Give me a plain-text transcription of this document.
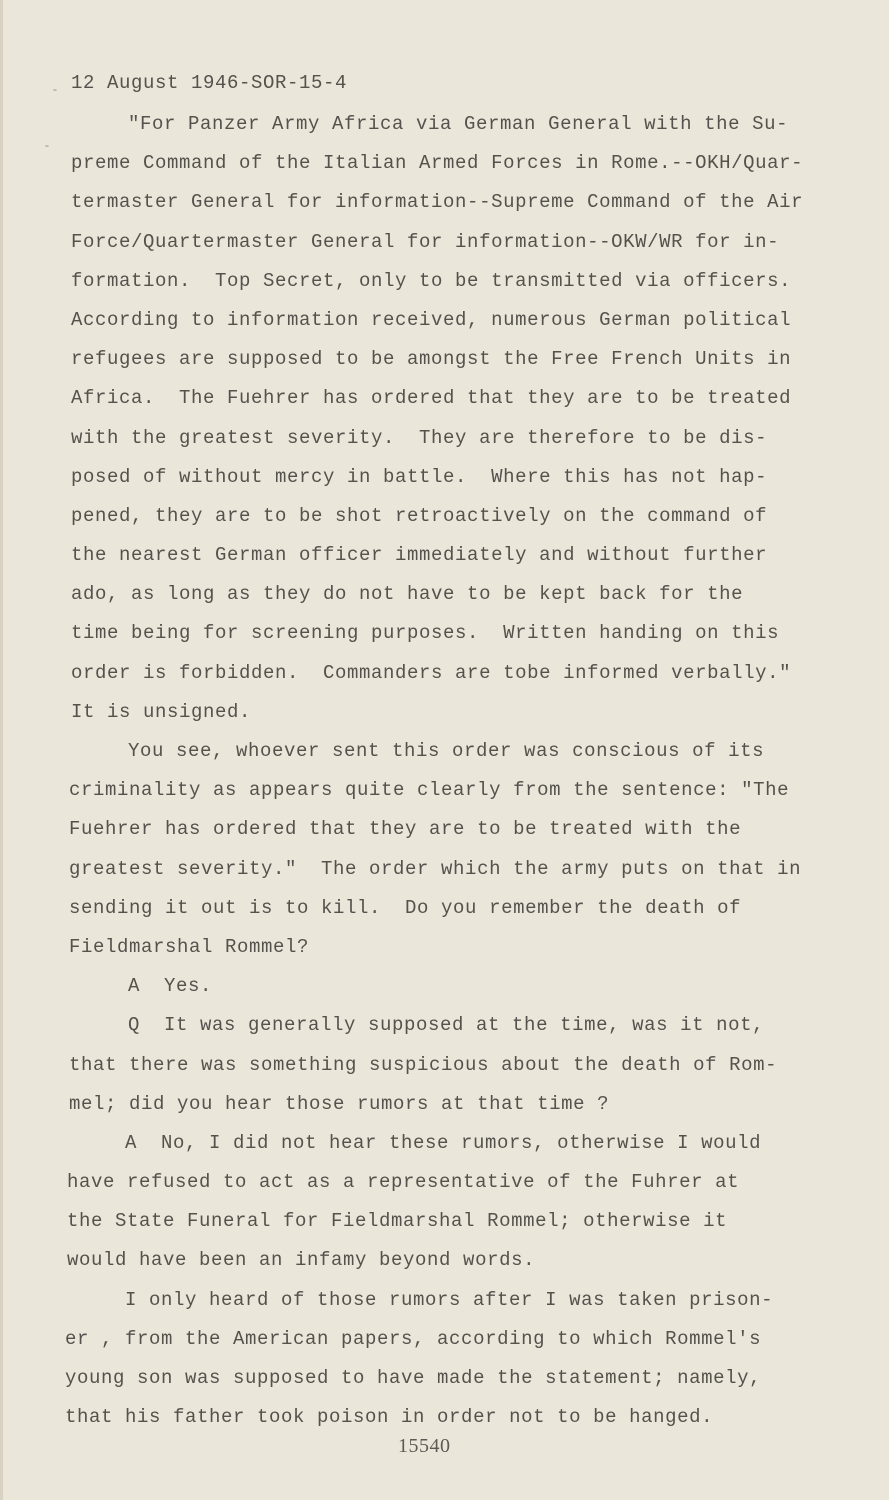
-
-
12 August 1946-SOR-15-4
"For Panzer Army Africa via German General with the Su-
preme Command of the Italian Armed Forces in Rome.--OKH/Quar-
termaster General for information--Supreme Command of the Air
Force/Quartermaster General for information--OKW/WR for in-
formation.  Top Secret, only to be transmitted via officers.
According to information received, numerous German political
refugees are supposed to be amongst the Free French Units in
Africa.  The Fuehrer has ordered that they are to be treated
with the greatest severity.  They are therefore to be dis-
posed of without mercy in battle.  Where this has not hap-
pened, they are to be shot retroactively on the command of
the nearest German officer immediately and without further
ado, as long as they do not have to be kept back for the
time being for screening purposes.  Written handing on this
order is forbidden.  Commanders are tobe informed verbally."
It is unsigned.
You see, whoever sent this order was conscious of its
criminality as appears quite clearly from the sentence: "The
Fuehrer has ordered that they are to be treated with the
greatest severity."  The order which the army puts on that in
sending it out is to kill.  Do you remember the death of
Fieldmarshal Rommel?
A  Yes.
Q  It was generally supposed at the time, was it not,
that there was something suspicious about the death of Rom-
mel; did you hear those rumors at that time ?
A  No, I did not hear these rumors, otherwise I would
have refused to act as a representative of the Fuhrer at
the State Funeral for Fieldmarshal Rommel; otherwise it
would have been an infamy beyond words.
I only heard of those rumors after I was taken prison-
er , from the American papers, according to which Rommel's
young son was supposed to have made the statement; namely,
that his father took poison in order not to be hanged.
15540
